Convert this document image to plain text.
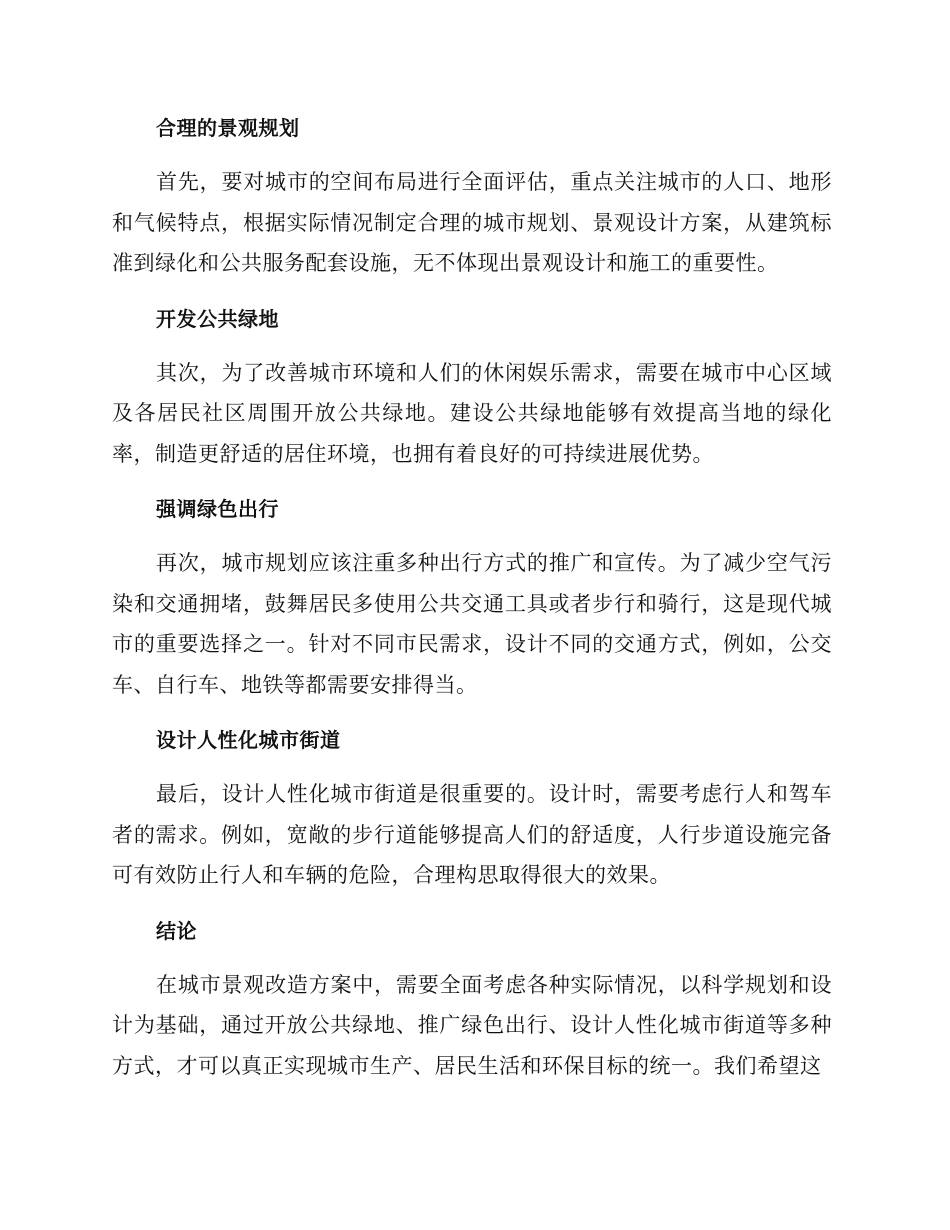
合理的景观规划

首先，要对城市的空间布局进行全面评估，重点关注城市的人口、地形和气候特点，根据实际情况制定合理的城市规划、景观设计方案，从建筑标准到绿化和公共服务配套设施，无不体现出景观设计和施工的重要性。

开发公共绿地

其次，为了改善城市环境和人们的休闲娱乐需求，需要在城市中心区域及各居民社区周围开放公共绿地。建设公共绿地能够有效提高当地的绿化率，制造更舒适的居住环境，也拥有着良好的可持续进展优势。

强调绿色出行

再次，城市规划应该注重多种出行方式的推广和宣传。为了减少空气污染和交通拥堵，鼓舞居民多使用公共交通工具或者步行和骑行，这是现代城市的重要选择之一。针对不同市民需求，设计不同的交通方式，例如，公交车、自行车、地铁等都需要安排得当。

设计人性化城市街道

最后，设计人性化城市街道是很重要的。设计时，需要考虑行人和驾车者的需求。例如，宽敞的步行道能够提高人们的舒适度，人行步道设施完备可有效防止行人和车辆的危险，合理构思取得很大的效果。

结论

在城市景观改造方案中，需要全面考虑各种实际情况，以科学规划和设计为基础，通过开放公共绿地、推广绿色出行、设计人性化城市街道等多种方式，才可以真正实现城市生产、居民生活和环保目标的统一。我们希望这
